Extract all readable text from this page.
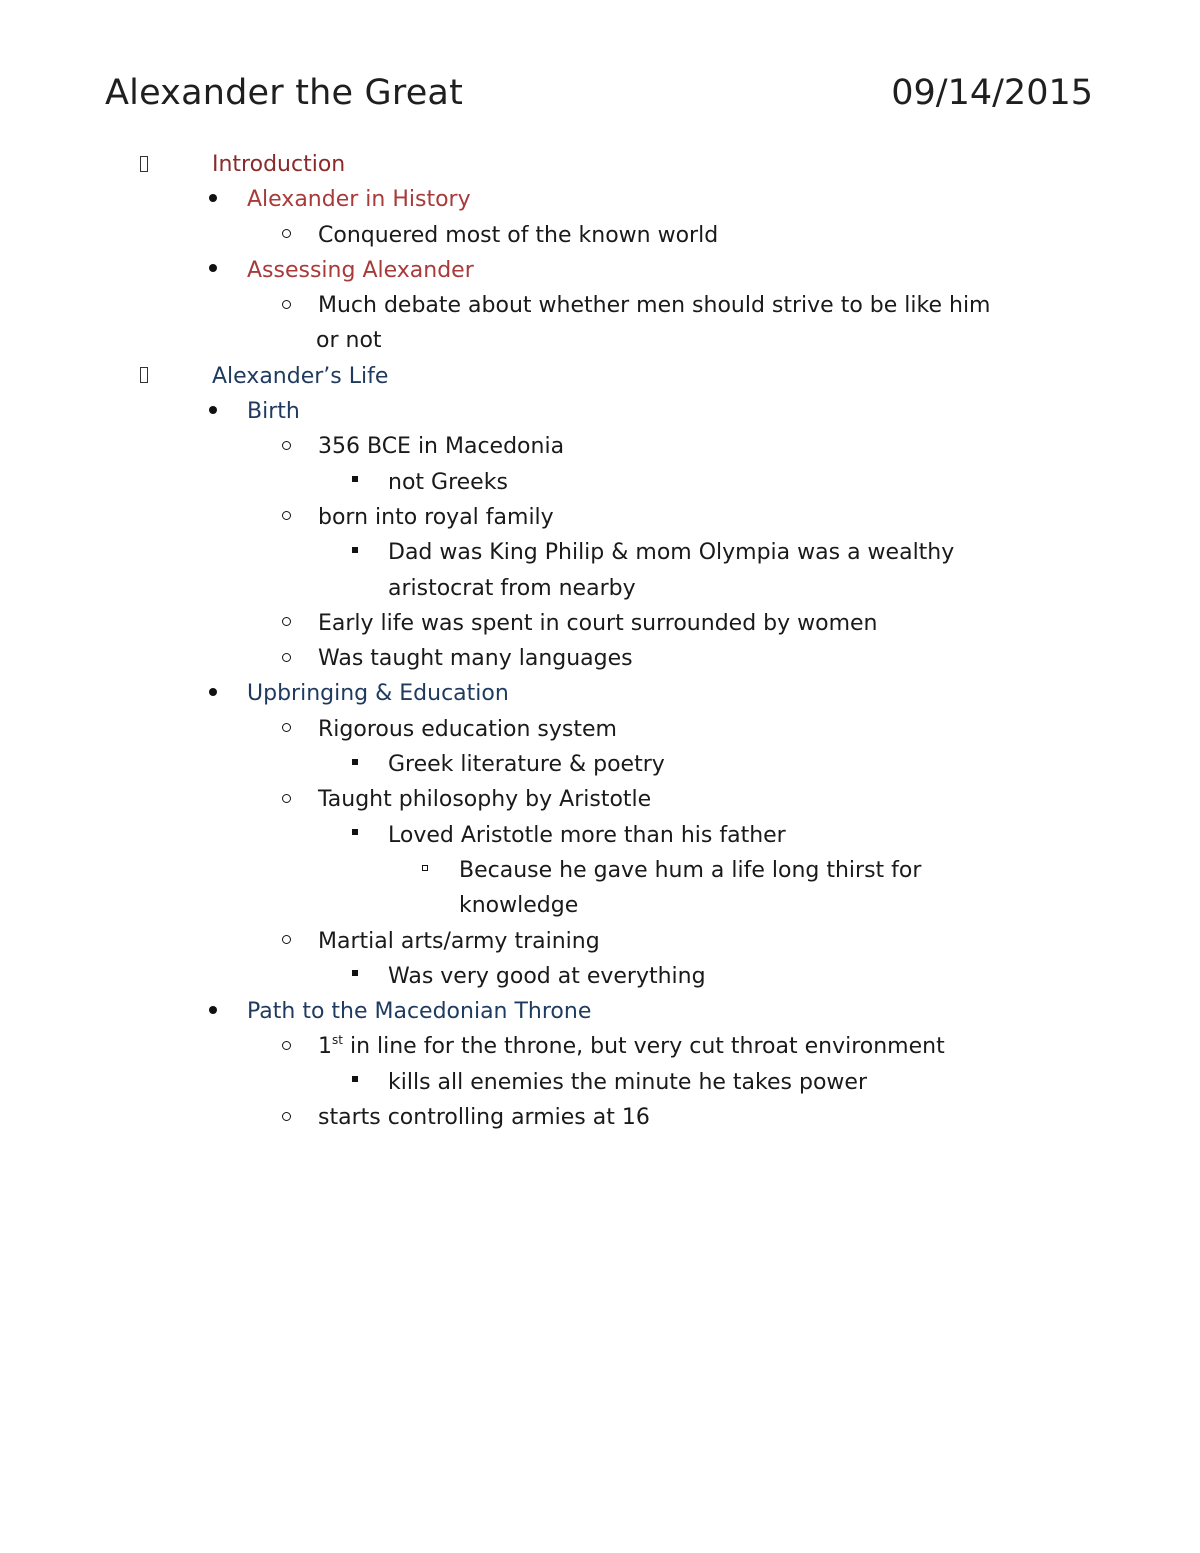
Alexander the Great	09/14/2015
Introduction
Alexander in History
Conquered most of the known world
Assessing Alexander
Much debate about whether men should strive to be like him
or not
Alexander’s Life
Birth
356 BCE in Macedonia
not Greeks
born into royal family
Dad was King Philip & mom Olympia was a wealthy
aristocrat from nearby
Early life was spent in court surrounded by women
Was taught many languages
Upbringing & Education
Rigorous education system
Greek literature & poetry
Taught philosophy by Aristotle
Loved Aristotle more than his father
Because he gave hum a life long thirst for
knowledge
Martial arts/army training
Was very good at everything
Path to the Macedonian Throne
1st in line for the throne, but very cut throat environment
kills all enemies the minute he takes power
starts controlling armies at 16
